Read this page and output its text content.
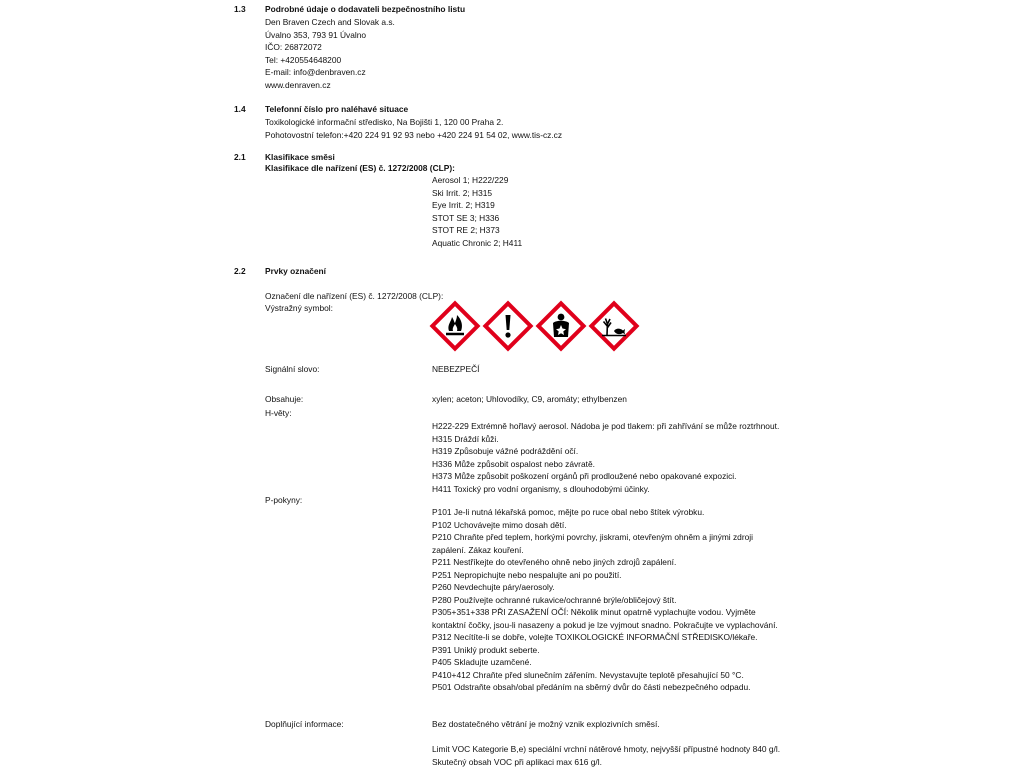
1.3 Podrobné údaje o dodavateli bezpečnostního listu
Den Braven Czech and Slovak a.s.
Úvalno 353, 793 91 Úvalno
IČO: 26872072
Tel: +420554648200
E-mail: info@denbraven.cz
www.denraven.cz
1.4 Telefonní číslo pro naléhavé situace
Toxikologické informační středisko, Na Bojišti 1, 120 00 Praha 2.
Pohotovostní telefon:+420 224 91 92 93 nebo +420 224 91 54 02, www.tis-cz.cz
2.1 Klasifikace směsi
Klasifikace dle nařízení (ES) č. 1272/2008 (CLP):
Aerosol 1; H222/229
Ski Irrit. 2; H315
Eye Irrit. 2; H319
STOT SE 3; H336
STOT RE 2; H373
Aquatic Chronic 2; H411
2.2 Prvky označení
Označení dle nařízení (ES) č. 1272/2008 (CLP):
Výstražný symbol:
Signální slovo:	NEBEZPEČÍ
Obsahuje:	xylen; aceton; Uhlovodíky, C9, aromáty; ethylbenzen
H-věty:
H222-229 Extrémně hořlavý aerosol. Nádoba je pod tlakem: při zahřívání se může roztrhnout.
H315 Dráždí kůži.
H319 Způsobuje vážné podráždění očí.
H336 Může způsobit ospalost nebo závratě.
H373 Může způsobit poškození orgánů při prodloužené nebo opakované expozici.
H411 Toxický pro vodní organismy, s dlouhodobými účinky.
P-pokyny:
P101 Je-li nutná lékařská pomoc, mějte po ruce obal nebo štítek výrobku.
P102 Uchovávejte mimo dosah dětí.
P210 Chraňte před teplem, horkými povrchy, jiskrami, otevřeným ohněm a jinými zdroji
zapálení. Zákaz kouření.
P211 Nestříkejte do otevřeného ohně nebo jiných zdrojů zapálení.
P251 Nepropichujte nebo nespalujte ani po použití.
P260 Nevdechujte páry/aerosoly.
P280 Používejte ochranné rukavice/ochranné brýle/obličejový štít.
P305+351+338 PŘI ZASAŽENÍ OČÍ: Několik minut opatrně vyplachujte vodou. Vyjměte
kontaktní čočky, jsou-li nasazeny a pokud je lze vyjmout snadno. Pokračujte ve vyplachování.
P312 Necítíte-li se dobře, volejte TOXIKOLOGICKÉ INFORMAČNÍ STŘEDISKO/lékaře.
P391 Uniklý produkt seberte.
P405 Skladujte uzamčené.
P410+412 Chraňte před slunečním zářením. Nevystavujte teplotě přesahující 50 °C.
P501 Odstraňte obsah/obal předáním na sběrný dvůr do části nebezpečného odpadu.
Doplňující informace:	Bez dostatečného větrání je možný vznik explozivních směsí.
Limit VOC Kategorie B,e) speciální vrchní nátěrové hmoty, nejvyšší přípustné hodnoty 840 g/l.
Skutečný obsah VOC při aplikaci max 616 g/l.
